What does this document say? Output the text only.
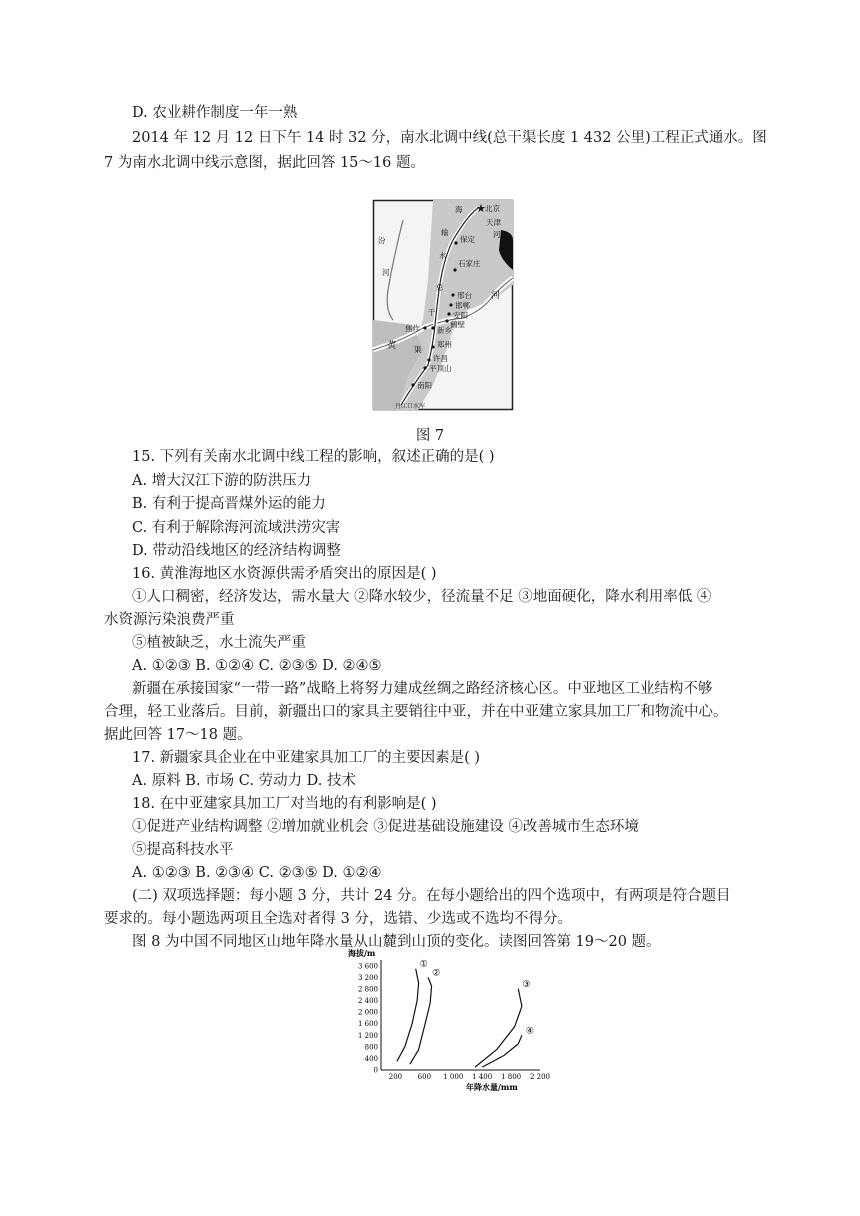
D. 农业耕作制度一年一熟
2014 年 12 月 12 日下午 14 时 32 分，南水北调中线(总干渠长度 1 432 公里)工程正式通水。图
7 为南水北调中线示意图，据此回答 15～16 题。
★
海	北京
天津
河
保定
石家庄
邢台
邯郸
安阳
鹤壁
新乡
焦作
郑州
许昌
平顶山
南阳
丹江口水库
汾
河
黄
河
输
水
总
干
渠
图 7
15. 下列有关南水北调中线工程的影响，叙述正确的是( )
A. 增大汉江下游的防洪压力
B. 有利于提高晋煤外运的能力
C. 有利于解除海河流域洪涝灾害
D. 带动沿线地区的经济结构调整
16. 黄淮海地区水资源供需矛盾突出的原因是( )
①人口稠密，经济发达，需水量大 ②降水较少，径流量不足 ③地面硬化，降水利用率低 ④
水资源污染浪费严重
⑤植被缺乏，水土流失严重
A. ①②③ B. ①②④ C. ②③⑤ D. ②④⑤
新疆在承接国家“一带一路”战略上将努力建成丝绸之路经济核心区。中亚地区工业结构不够
合理，轻工业落后。目前，新疆出口的家具主要销往中亚，并在中亚建立家具加工厂和物流中心。
据此回答 17～18 题。
17. 新疆家具企业在中亚建家具加工厂的主要因素是( )
A. 原料 B. 市场 C. 劳动力 D. 技术
18. 在中亚建家具加工厂对当地的有利影响是( )
①促进产业结构调整 ②增加就业机会 ③促进基础设施建设 ④改善城市生态环境
⑤提高科技水平
A. ①②③ B. ②③④ C. ②③⑤ D. ①②④
(二) 双项选择题：每小题 3 分，共计 24 分。在每小题给出的四个选项中，有两项是符合题目
要求的。每小题选两项且全选对者得 3 分，选错、少选或不选均不得分。
图 8 为中国不同地区山地年降水量从山麓到山顶的变化。读图回答第 19～20 题。
海拔/m
年降水量/mm
0
400
800
1 200
1 600
2 000
2 400
2 800
3 200
3 600
200 600 1 000 1 400 1 800 2 200
①
②
③
④
